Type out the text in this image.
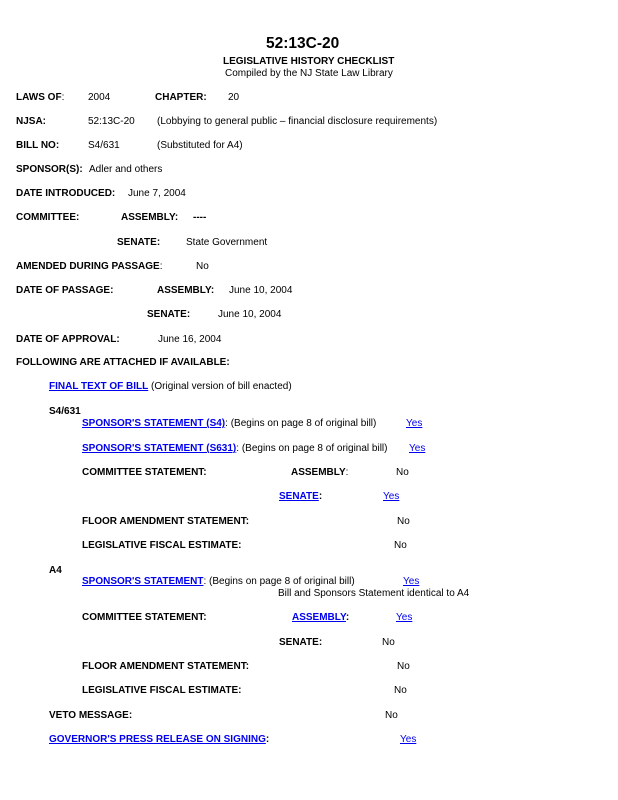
52:13C-20
LEGISLATIVE HISTORY CHECKLIST
Compiled by the NJ State Law Library
LAWS OF: 2004	CHAPTER: 20
NJSA:	52:13C-20 (Lobbying to general public – financial disclosure requirements)
BILL NO:	S4/631	(Substituted for A4)
SPONSOR(S): Adler and others
DATE INTRODUCED: June 7, 2004
COMMITTEE:	ASSEMBLY: ----
SENATE:	State Government
AMENDED DURING PASSAGE:	No
DATE OF PASSAGE:	ASSEMBLY: June 10, 2004
SENATE:	June 10, 2004
DATE OF APPROVAL:	June 16, 2004
FOLLOWING ARE ATTACHED IF AVAILABLE:
FINAL TEXT OF BILL (Original version of bill enacted)
S4/631
SPONSOR'S STATEMENT (S4): (Begins on page 8 of original bill)	Yes
SPONSOR'S STATEMENT (S631): (Begins on page 8 of original bill) Yes
COMMITTEE STATEMENT:	ASSEMBLY:	No
SENATE:	Yes
FLOOR AMENDMENT STATEMENT:	No
LEGISLATIVE FISCAL ESTIMATE:	No
A4
SPONSOR'S STATEMENT: (Begins on page 8 of original bill)	Yes
Bill and Sponsors Statement identical to A4
COMMITTEE STATEMENT:	ASSEMBLY:	Yes
SENATE:	No
FLOOR AMENDMENT STATEMENT:	No
LEGISLATIVE FISCAL ESTIMATE:	No
VETO MESSAGE:	No
GOVERNOR'S PRESS RELEASE ON SIGNING:	Yes
